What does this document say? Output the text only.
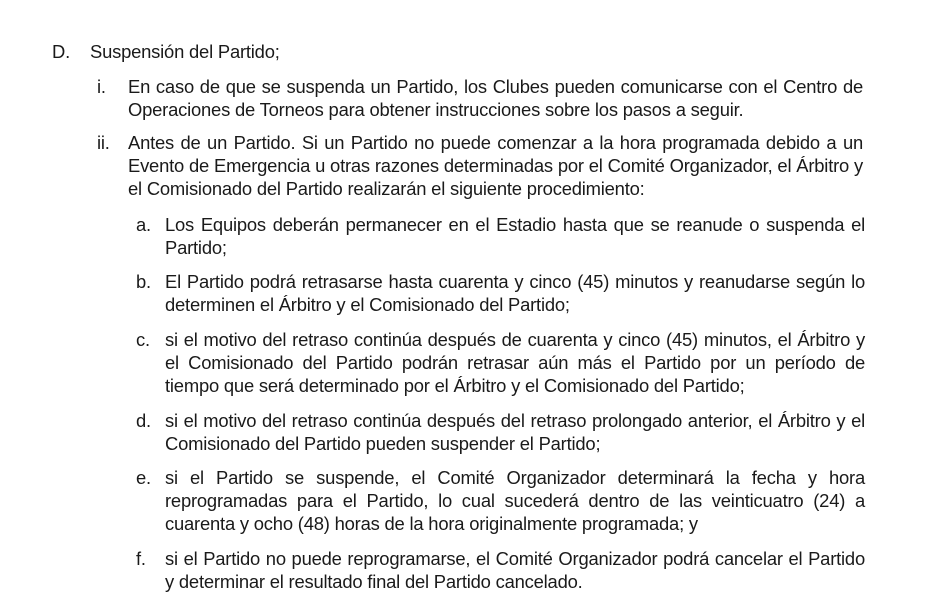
D.	Suspensión del Partido;
i.	En caso de que se suspenda un Partido, los Clubes pueden comunicarse con el Centro de Operaciones de Torneos para obtener instrucciones sobre los pasos a seguir.
ii. Antes de un Partido. Si un Partido no puede comenzar a la hora programada debido a un Evento de Emergencia u otras razones determinadas por el Comité Organizador, el Árbitro y el Comisionado del Partido realizarán el siguiente procedimiento:
a. Los Equipos deberán permanecer en el Estadio hasta que se reanude o suspenda el Partido;
b. El Partido podrá retrasarse hasta cuarenta y cinco (45) minutos y reanudarse según lo determinen el Árbitro y el Comisionado del Partido;
c. si el motivo del retraso continúa después de cuarenta y cinco (45) minutos, el Árbitro y el Comisionado del Partido podrán retrasar aún más el Partido por un período de tiempo que será determinado por el Árbitro y el Comisionado del Partido;
d. si el motivo del retraso continúa después del retraso prolongado anterior, el Árbitro y el Comisionado del Partido pueden suspender el Partido;
e. si el Partido se suspende, el Comité Organizador determinará la fecha y hora reprogramadas para el Partido, lo cual sucederá dentro de las veinticuatro (24) a cuarenta y ocho (48) horas de la hora originalmente programada; y
f.	si el Partido no puede reprogramarse, el Comité Organizador podrá cancelar el Partido y determinar el resultado final del Partido cancelado.
